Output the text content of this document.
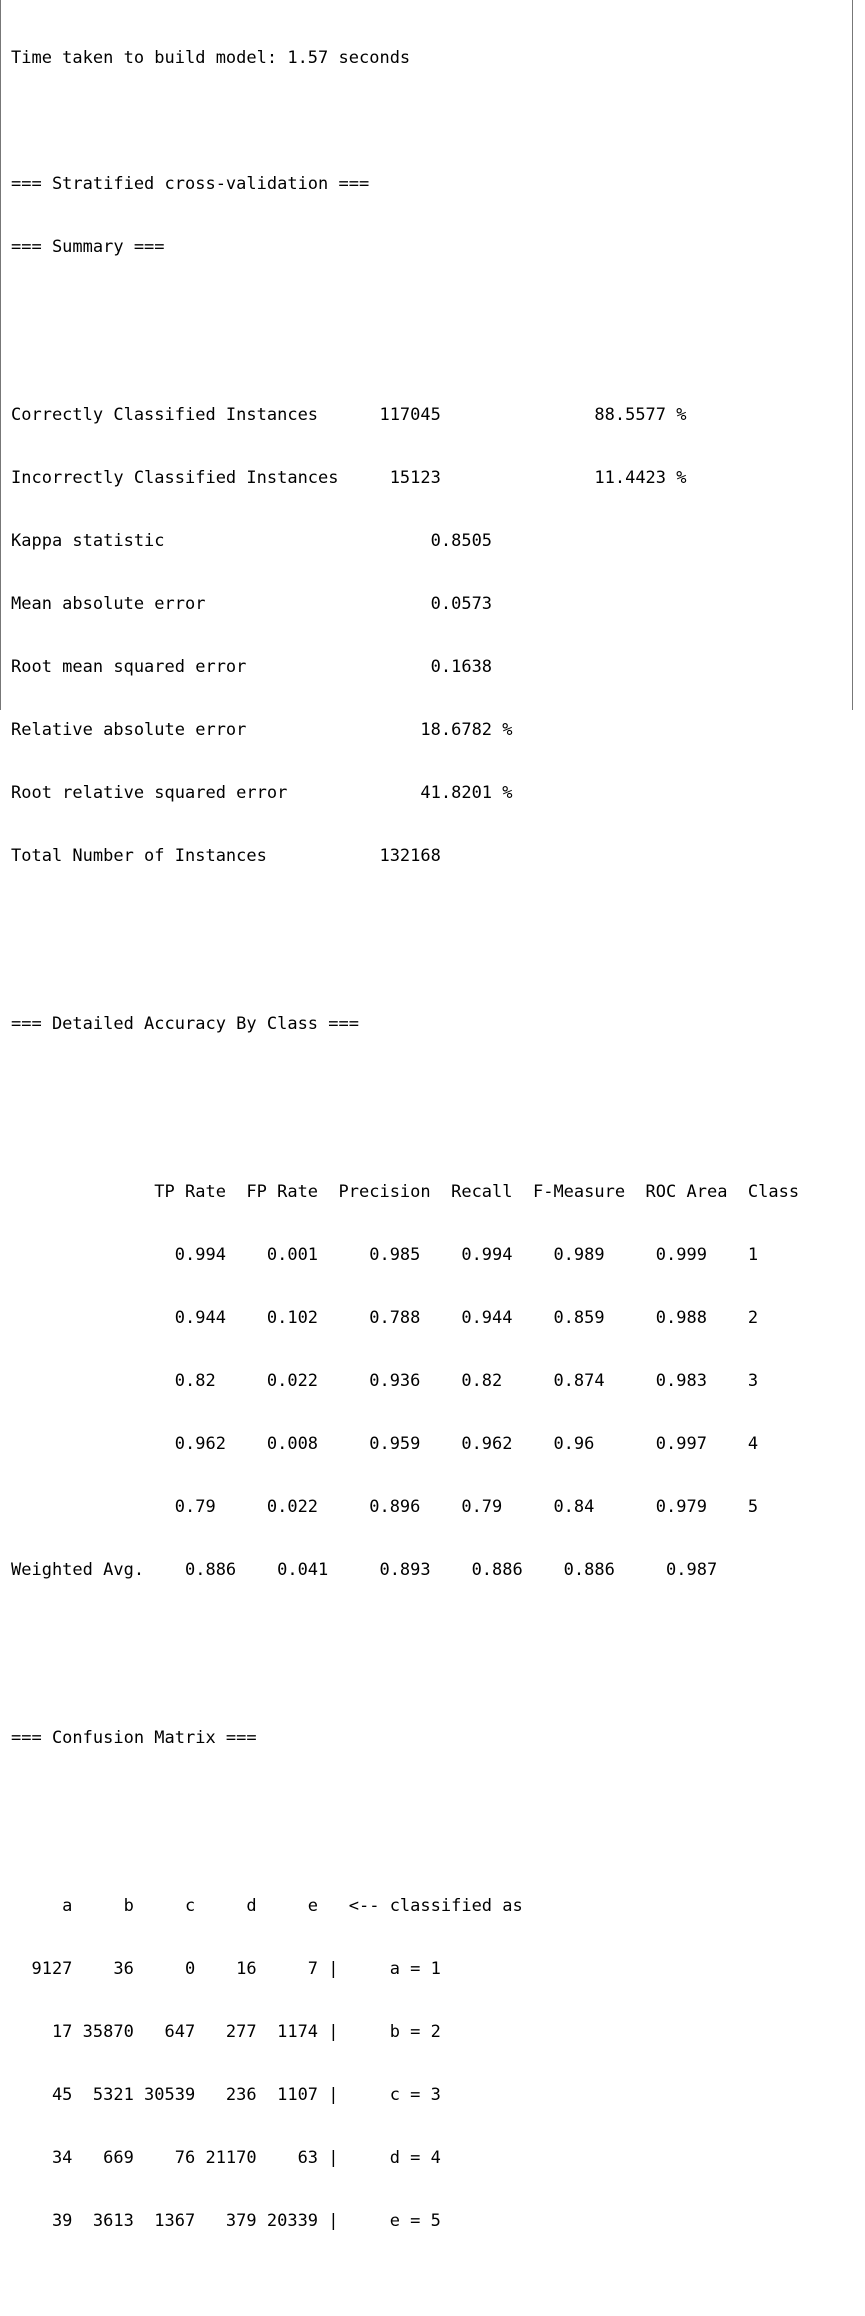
Time taken to build model: 1.57 seconds

=== Stratified cross-validation ===

=== Summary ===

Correctly Classified Instances      117045               88.5577 %

Incorrectly Classified Instances     15123               11.4423 %

Kappa statistic                          0.8505

Mean absolute error                      0.0573

Root mean squared error                  0.1638

Relative absolute error                 18.6782 %

Root relative squared error             41.8201 %

Total Number of Instances           132168

=== Detailed Accuracy By Class ===

TP Rate  FP Rate  Precision  Recall  F-Measure  ROC Area  Class

0.994    0.001     0.985    0.994    0.989     0.999    1

0.944    0.102     0.788    0.944    0.859     0.988    2

0.82     0.022     0.936    0.82     0.874     0.983    3

0.962    0.008     0.959    0.962    0.96      0.997    4

0.79     0.022     0.896    0.79     0.84      0.979    5

Weighted Avg.    0.886    0.041     0.893    0.886    0.886     0.987

=== Confusion Matrix ===

a     b     c     d     e   <-- classified as

9127    36     0    16     7 |     a = 1

17 35870   647   277  1174 |     b = 2

45  5321 30539   236  1107 |     c = 3

34   669    76 21170    63 |     d = 4

39  3613  1367   379 20339 |     e = 5
